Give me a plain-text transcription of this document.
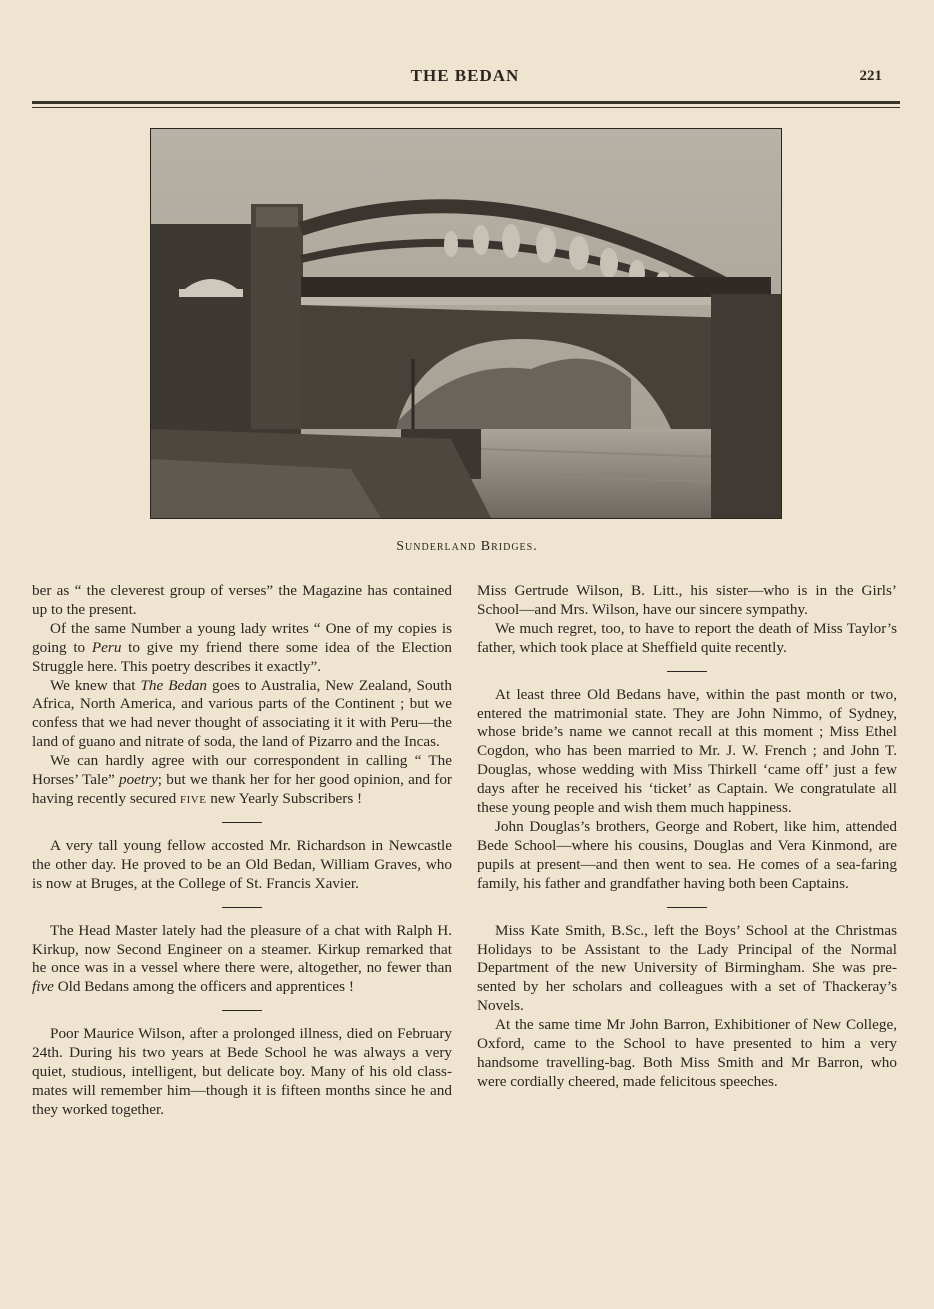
THE BEDAN	221
Sunderland Bridges.

ber as “ the cleverest group of verses” the Magazine has contained up to the present.

Of the same Number a young lady writes “ One of my copies is going to Peru to give my friend there some idea of the Election Struggle here. This poetry describes it exactly”.

We knew that The Bedan goes to Australia, New Zealand, South Africa, North America, and various parts of the Continent ; but we confess that we had never thought of associating it it with Peru—the land of guano and nitrate of soda, the land of Pizarro and the Incas.

We can hardly agree with our correspondent in calling “ The Horses’ Tale” poetry; but we thank her for her good opinion, and for having recently secured five new Yearly Subscribers !

A very tall young fellow accosted Mr. Richardson in Newcastle the other day. He proved to be an Old Bedan, William Graves, who is now at Bruges, at the College of St. Francis Xavier.

The Head Master lately had the pleasure of a chat with Ralph H. Kirkup, now Second Engineer on a steamer. Kirkup remarked that he once was in a vessel where there were, altogether, no fewer than five Old Bedans among the officers and apprentices !

Poor Maurice Wilson, after a prolonged illness, died on February 24th. During his two years at Bede School he was always a very quiet, studious, intelligent, but delicate boy. Many of his old class-mates will remember him—though it is fifteen months since he and they worked together.

Miss Gertrude Wilson, B. Litt., his sister—who is in the Girls’ School—and Mrs. Wilson, have our sincere sympathy.

We much regret, too, to have to report the death of Miss Taylor’s father, which took place at Sheffield quite recently.

At least three Old Bedans have, within the past month or two, entered the matrimonial state. They are John Nimmo, of Sydney, whose bride’s name we cannot recall at this moment ; Miss Ethel Cogdon, who has been married to Mr. J. W. French ; and John T. Douglas, whose wedding with Miss Thirkell ‘came off’ just a few days after he received his ‘ticket’ as Captain. We congratulate all these young people and wish them much happiness.

John Douglas’s brothers, George and Robert, like him, attended Bede School—where his cousins, Douglas and Vera Kinmond, are pupils at present—and then went to sea. He comes of a sea-faring family, his father and grandfather having both been Captains.

Miss Kate Smith, B.Sc., left the Boys’ School at the Christmas Holidays to be Assistant to the Lady Principal of the Normal Department of the new University of Birmingham. She was presented by her scholars and colleagues with a set of Thackeray’s Novels.

At the same time Mr John Barron, Exhibitioner of New College, Oxford, came to the School to have presented to him a very handsome travelling-bag. Both Miss Smith and Mr Barron, who were cordially cheered, made felicitous speeches.
